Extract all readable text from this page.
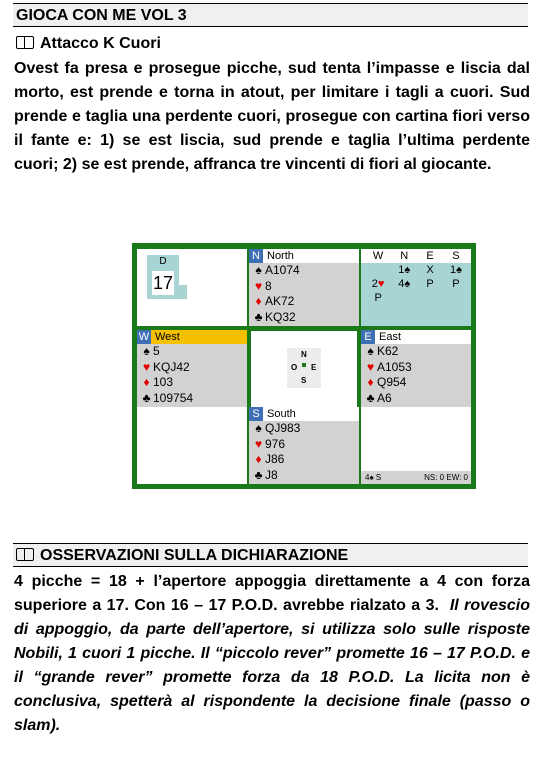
GIOCA CON ME VOL 3
Attacco K Cuori
Ovest fa presa e prosegue picche, sud tenta l’impasse e liscia dal morto, est prende e torna in atout, per limitare i tagli a cuori. Sud prende e taglia una perdente cuori, prosegue con cartina fiori verso il fante e: 1) se est liscia, sud prende e taglia l’ultima perdente cuori; 2) se est prende, affranca tre vincenti di fiori al giocante.
D
17
N North
♠ A1074
♥ 8
♦ AK72
♣ KQ32
W	N	E	S
	1♠	X	1♠
2♥	4♠	P	P
P			
W West
♠ 5
♥ KQJ42
♦ 103
♣ 109754
N
O E
S
E East
♠ K62
♥ A1053
♦ Q954
♣ A6
S South
♠ QJ983
♥ 976
♦ J86
♣ J8	4♠ S	NS: 0 EW: 0
OSSERVAZIONI SULLA DICHIARAZIONE
4 picche = 18 + l’apertore appoggia direttamente a 4 con forza superiore a 17. Con 16 – 17 P.O.D. avrebbe rialzato a 3. Il rovescio di appoggio, da parte dell’apertore, si utilizza solo sulle risposte Nobili, 1 cuori 1 picche. Il “piccolo rever” promette 16 – 17 P.O.D. e il “grande rever” promette forza da 18 P.O.D. La licita non è conclusiva, spetterà al rispondente la decisione finale (passo o slam).
